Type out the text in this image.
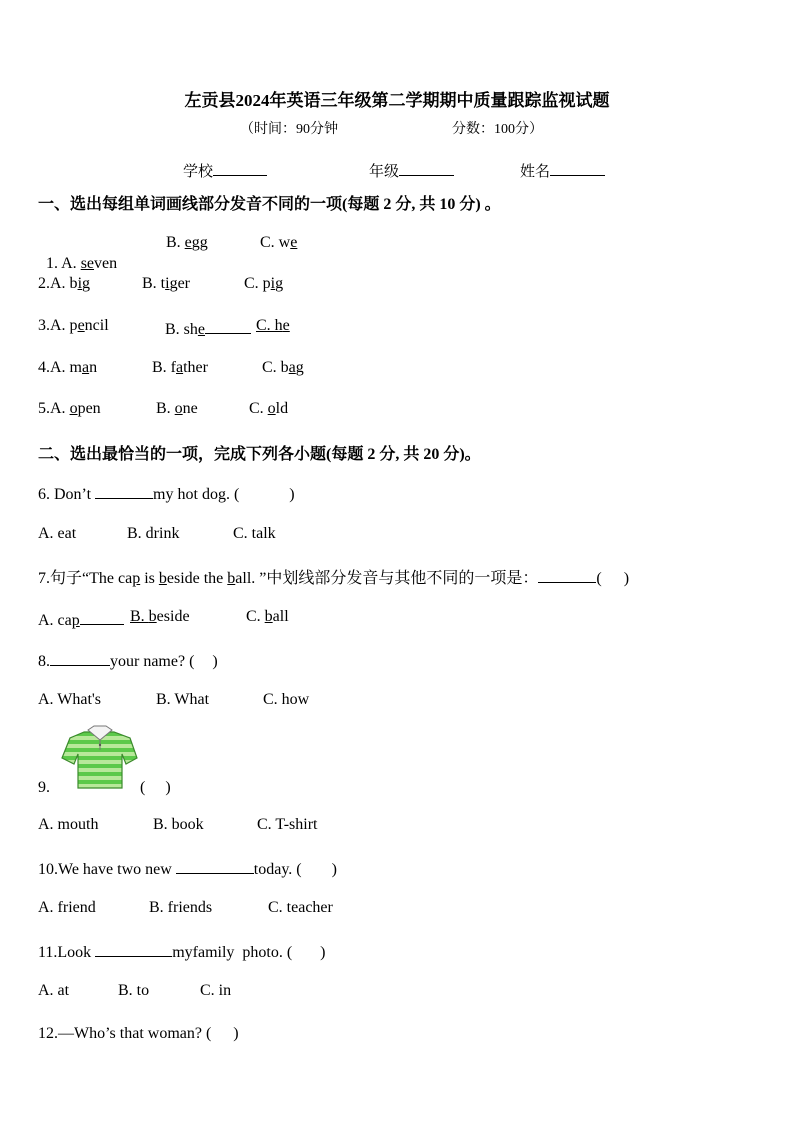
左贡县2024年英语三年级第二学期期中质量跟踪监视试题
（时间：90分钟	分数：100分）
学校	年级	姓名
一、选出每组单词画线部分发音不同的一项(每题 2 分, 共 10 分) 。

1. A. seven

B. egg	C. we
2.A. big	B. tiger	C. pig
3.A. pencil	B. she	C. he
4.A. man	B. father	C. bag
5.A. open	B. one	C. old
二、选出最恰当的一项，完成下列各小题(每题 2 分, 共 20 分)。
6. Don’t	my hot dog. (	)
A. eat	B. drink	C. talk
7.句子“The cap is beside the ball. ”中划线部分发音与其他不同的一项是：	( )
A. cap	B. beside	C. ball
8.	your name? ( )
A. What's	B. What	C. how
9.	( )
A. mouth	B. book	C. T-shirt
10.We have two new	today. ( )
A. friend	B. friends	C. teacher
11.Look	myfamily  photo. ( )
A. at	B. to	C. in
12.—Who’s that woman? ( )
